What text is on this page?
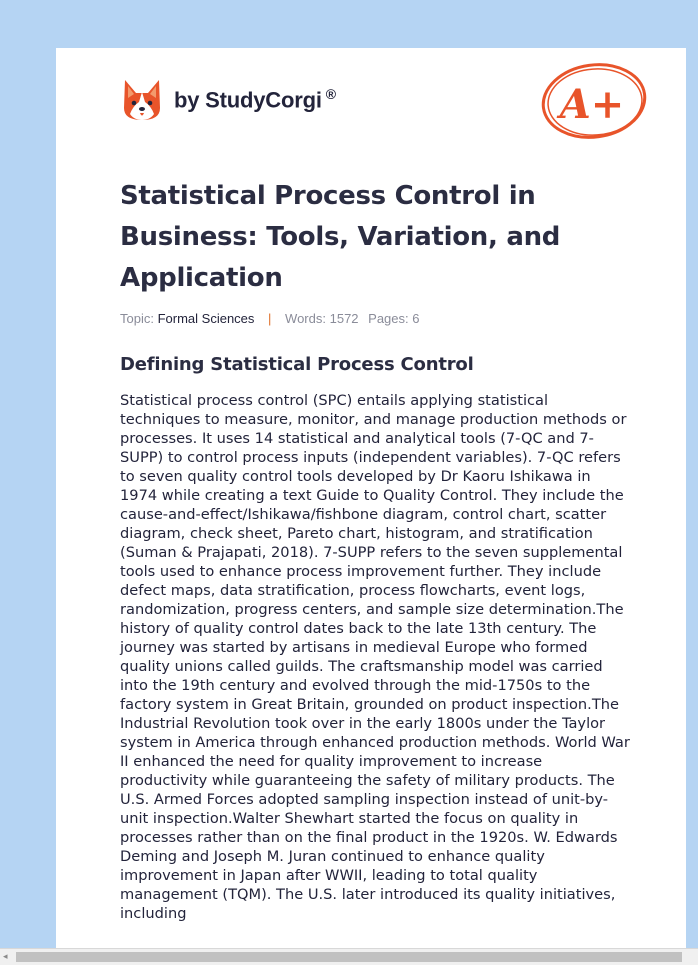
by StudyCorgi ®	A+
Statistical Process Control in Business: Tools, Variation, and Application
Topic: Formal Sciences | Words: 1572 Pages: 6
Defining Statistical Process Control

Statistical process control (SPC) entails applying statistical techniques to measure, monitor, and manage production methods or processes. It uses 14 statistical and analytical tools (7-QC and 7-SUPP) to control process inputs (independent variables). 7-QC refers to seven quality control tools developed by Dr Kaoru Ishikawa in 1974 while creating a text Guide to Quality Control. They include the cause-and-effect/Ishikawa/fishbone diagram, control chart, scatter diagram, check sheet, Pareto chart, histogram, and stratification (Suman & Prajapati, 2018). 7-SUPP refers to the seven supplemental tools used to enhance process improvement further. They include defect maps, data stratification, process flowcharts, event logs, randomization, progress centers, and sample size determination.The history of quality control dates back to the late 13th century. The journey was started by artisans in medieval Europe who formed quality unions called guilds. The craftsmanship model was carried into the 19th century and evolved through the mid-1750s to the factory system in Great Britain, grounded on product inspection.The Industrial Revolution took over in the early 1800s under the Taylor system in America through enhanced production methods. World War II enhanced the need for quality improvement to increase productivity while guaranteeing the safety of military products. The U.S. Armed Forces adopted sampling inspection instead of unit-by-unit inspection.Walter Shewhart started the focus on quality in processes rather than on the final product in the 1920s. W. Edwards Deming and Joseph M. Juran continued to enhance quality improvement in Japan after WWII, leading to total quality management (TQM). The U.S. later introduced its quality initiatives, including

◂
